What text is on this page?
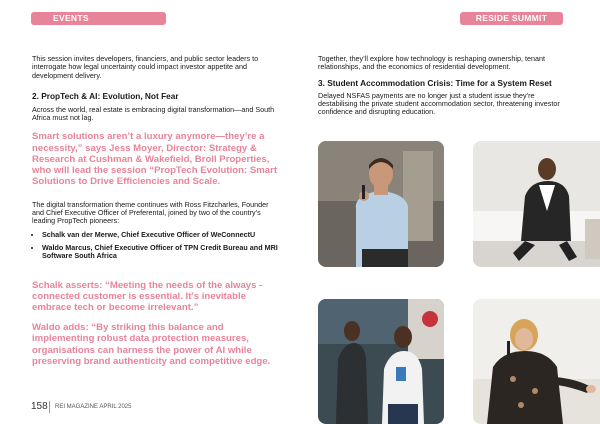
EVENTS	RESIDE SUMMIT

This session invites developers, financiers, and public sector leaders to interrogate how legal uncertainty could impact investor appetite and development delivery.

2. PropTech & AI: Evolution, Not Fear

Across the world, real estate is embracing digital transformation—and South Africa must not lag.

Smart solutions aren’t a luxury anymore—they’re a necessity,” says Jess Moyer, Director: Strategy & Research at Cushman & Wakefield, Broll Properties, who will lead the session “PropTech Evolution: Smart Solutions to Drive Efficiencies and Scale.

The digital transformation theme continues with Ross Fitzcharles, Founder and Chief Executive Officer of Preferental, joined by two of the country’s leading PropTech pioneers:

• Schalk van der Merwe, Chief Executive Officer of WeConnectU
• Waldo Marcus, Chief Executive Officer of TPN Credit Bureau and MRI Software South Africa

Schalk asserts: “Meeting the needs of the always -connected customer is essential. It’s inevitable embrace tech or become irrelevant.”

Waldo adds: “By striking this balance and implementing robust data protection measures, organisations can harness the power of AI while preserving brand authenticity and competitive edge.

Together, they’ll explore how technology is reshaping ownership, tenant relationships, and the economics of residential development.

3. Student Accommodation Crisis: Time for a System Reset

Delayed NSFAS payments are no longer just a student issue they’re destabilising the private student accommodation sector, threatening investor confidence and disrupting education.

158 REI MAGAZINE APRIL 2025
